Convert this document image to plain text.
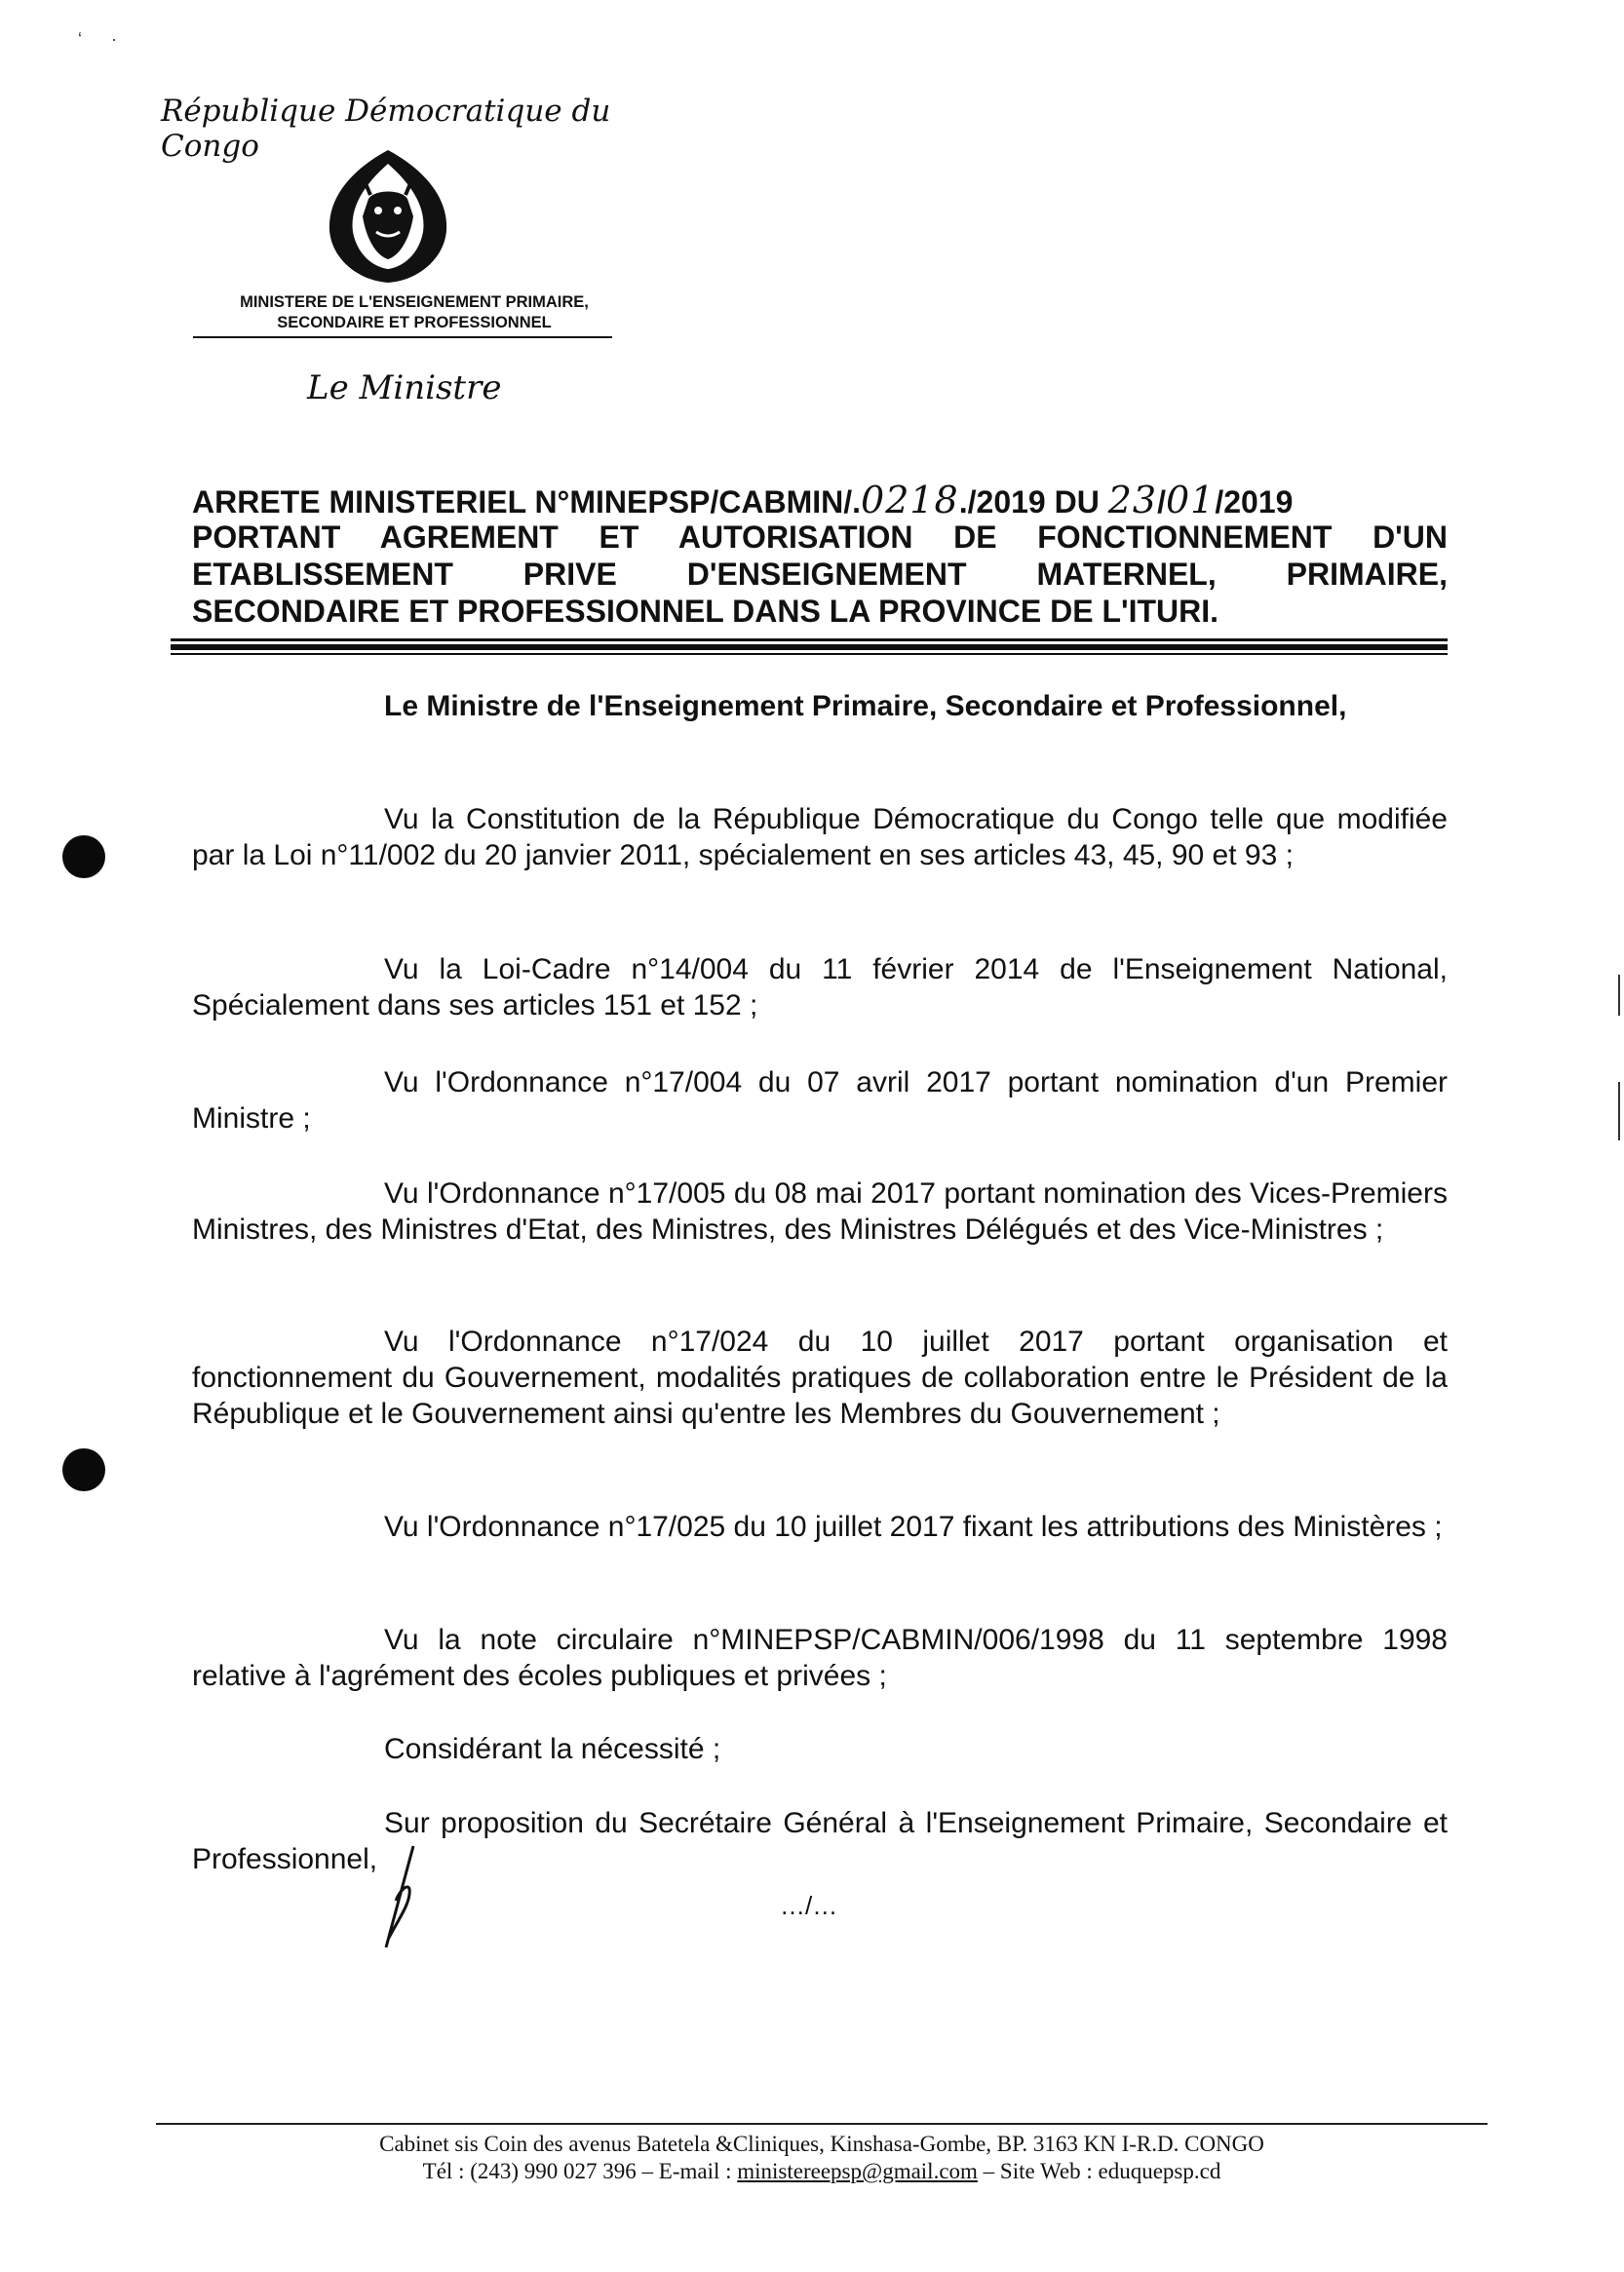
‘      ·
République Démocratique du Congo
MINISTERE DE L'ENSEIGNEMENT PRIMAIRE,
SECONDAIRE ET PROFESSIONNEL
Le Ministre
ARRETE MINISTERIEL N°MINEPSP/CABMIN/.0218./2019 DU 23/01/2019
PORTANT AGREMENT ET AUTORISATION DE FONCTIONNEMENT D'UN
ETABLISSEMENT PRIVE D'ENSEIGNEMENT MATERNEL, PRIMAIRE,
SECONDAIRE ET PROFESSIONNEL DANS LA PROVINCE DE L'ITURI.
Le Ministre de l'Enseignement Primaire, Secondaire et Professionnel,
Vu la Constitution de la République Démocratique du Congo telle que modifiée par la Loi n°11/002 du 20 janvier 2011, spécialement en ses articles 43, 45, 90 et 93 ;
Vu la Loi-Cadre n°14/004 du 11 février 2014 de l'Enseignement National, Spécialement dans ses articles 151 et 152 ;
Vu l'Ordonnance n°17/004 du 07 avril 2017 portant nomination d'un Premier Ministre ;
Vu l'Ordonnance n°17/005 du 08 mai 2017 portant nomination des Vices-Premiers Ministres, des Ministres d'Etat, des Ministres, des Ministres Délégués et des Vice-Ministres ;
Vu l'Ordonnance n°17/024 du 10 juillet 2017 portant organisation et fonctionnement du Gouvernement, modalités pratiques de collaboration entre le Président de la République et le Gouvernement ainsi qu'entre les Membres du Gouvernement ;
Vu l'Ordonnance n°17/025 du 10 juillet 2017 fixant les attributions des Ministères ;
Vu la note circulaire n°MINEPSP/CABMIN/006/1998 du 11 septembre 1998 relative à l'agrément des écoles publiques et privées ;
Considérant la nécessité ;
Sur proposition du Secrétaire Général à l'Enseignement Primaire, Secondaire et Professionnel,
…/…
Cabinet sis Coin des avenus Batetela &Cliniques, Kinshasa-Gombe, BP. 3163 KN I-R.D. CONGO
Tél : (243) 990 027 396 – E-mail : ministereepsp@gmail.com – Site Web : eduquepsp.cd
